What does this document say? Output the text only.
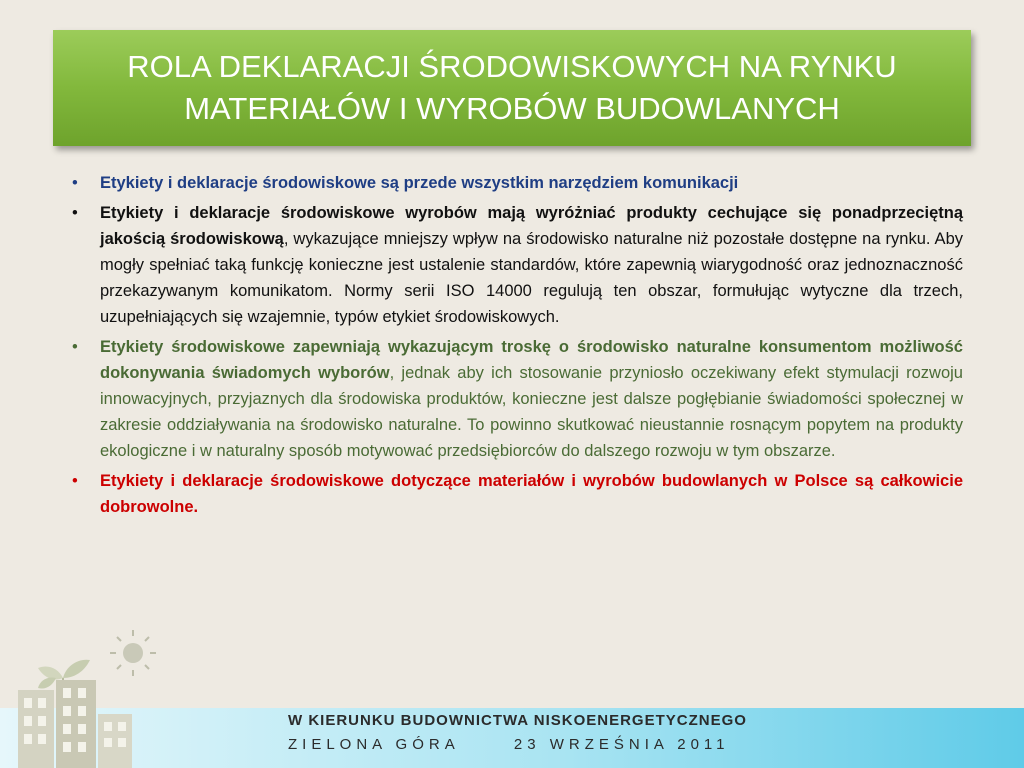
ROLA DEKLARACJI ŚRODOWISKOWYCH NA RYNKU
MATERIAŁÓW I WYROBÓW BUDOWLANYCH
• Etykiety i deklaracje środowiskowe są przede wszystkim narzędziem komunikacji
• Etykiety i deklaracje środowiskowe wyrobów mają wyróżniać produkty cechujące się ponadprzeciętną jakością środowiskową, wykazujące mniejszy wpływ na środowisko naturalne niż pozostałe dostępne na rynku. Aby mogły spełniać taką funkcję konieczne jest ustalenie standardów, które zapewnią wiarygodność oraz jednoznaczność przekazywanym komunikatom. Normy serii ISO 14000 regulują ten obszar, formułując wytyczne dla trzech, uzupełniających się wzajemnie, typów etykiet środowiskowych.
• Etykiety środowiskowe zapewniają wykazującym troskę o środowisko naturalne konsumentom możliwość dokonywania świadomych wyborów, jednak aby ich stosowanie przyniosło oczekiwany efekt stymulacji rozwoju innowacyjnych, przyjaznych dla środowiska produktów, konieczne jest dalsze pogłębianie świadomości społecznej w zakresie oddziaływania na środowisko naturalne. To powinno skutkować nieustannie rosnącym popytem na produkty ekologiczne i w naturalny sposób motywować przedsiębiorców do dalszego rozwoju w tym obszarze.
• Etykiety i deklaracje środowiskowe dotyczące materiałów i wyrobów budowlanych w Polsce są całkowicie dobrowolne.
W KIERUNKU BUDOWNICTWA NISKOENERGETYCZNEGO
ZIELONA GÓRA      23 WRZEŚNIA 2011
